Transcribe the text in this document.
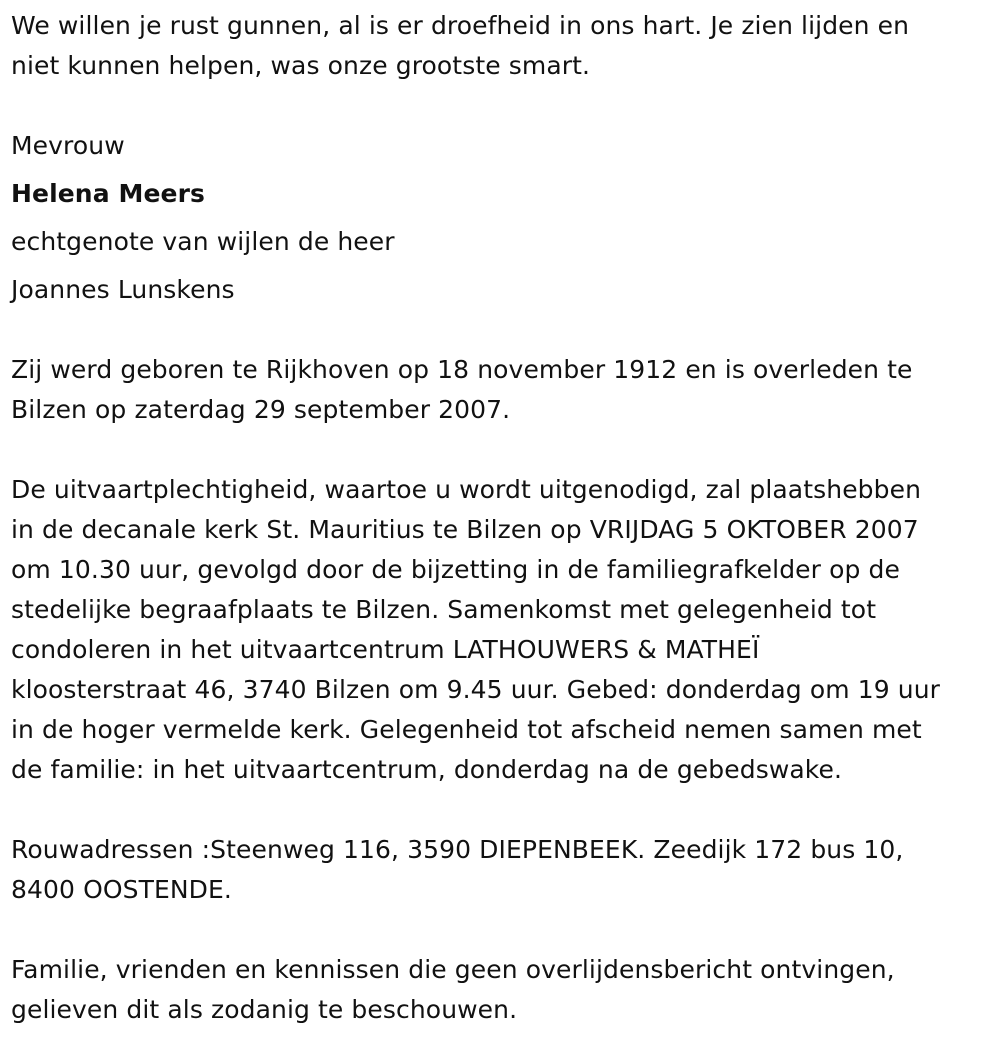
We willen je rust gunnen, al is er droefheid in ons hart. Je zien lijden en
niet kunnen helpen, was onze grootste smart.

Mevrouw
Helena Meers
echtgenote van wijlen de heer
Joannes Lunskens

Zij werd geboren te Rijkhoven op 18 november 1912 en is overleden te
Bilzen op zaterdag 29 september 2007.

De uitvaartplechtigheid, waartoe u wordt uitgenodigd, zal plaatshebben
in de decanale kerk St. Mauritius te Bilzen op VRIJDAG 5 OKTOBER 2007
om 10.30 uur, gevolgd door de bijzetting in de familiegrafkelder op de
stedelijke begraafplaats te Bilzen. Samenkomst met gelegenheid tot
condoleren in het uitvaartcentrum LATHOUWERS & MATHEÏ
kloosterstraat 46, 3740 Bilzen om 9.45 uur. Gebed: donderdag om 19 uur
in de hoger vermelde kerk. Gelegenheid tot afscheid nemen samen met
de familie: in het uitvaartcentrum, donderdag na de gebedswake.

Rouwadressen :Steenweg 116, 3590 DIEPENBEEK. Zeedijk 172 bus 10,
8400 OOSTENDE.

Familie, vrienden en kennissen die geen overlijdensbericht ontvingen,
gelieven dit als zodanig te beschouwen.
